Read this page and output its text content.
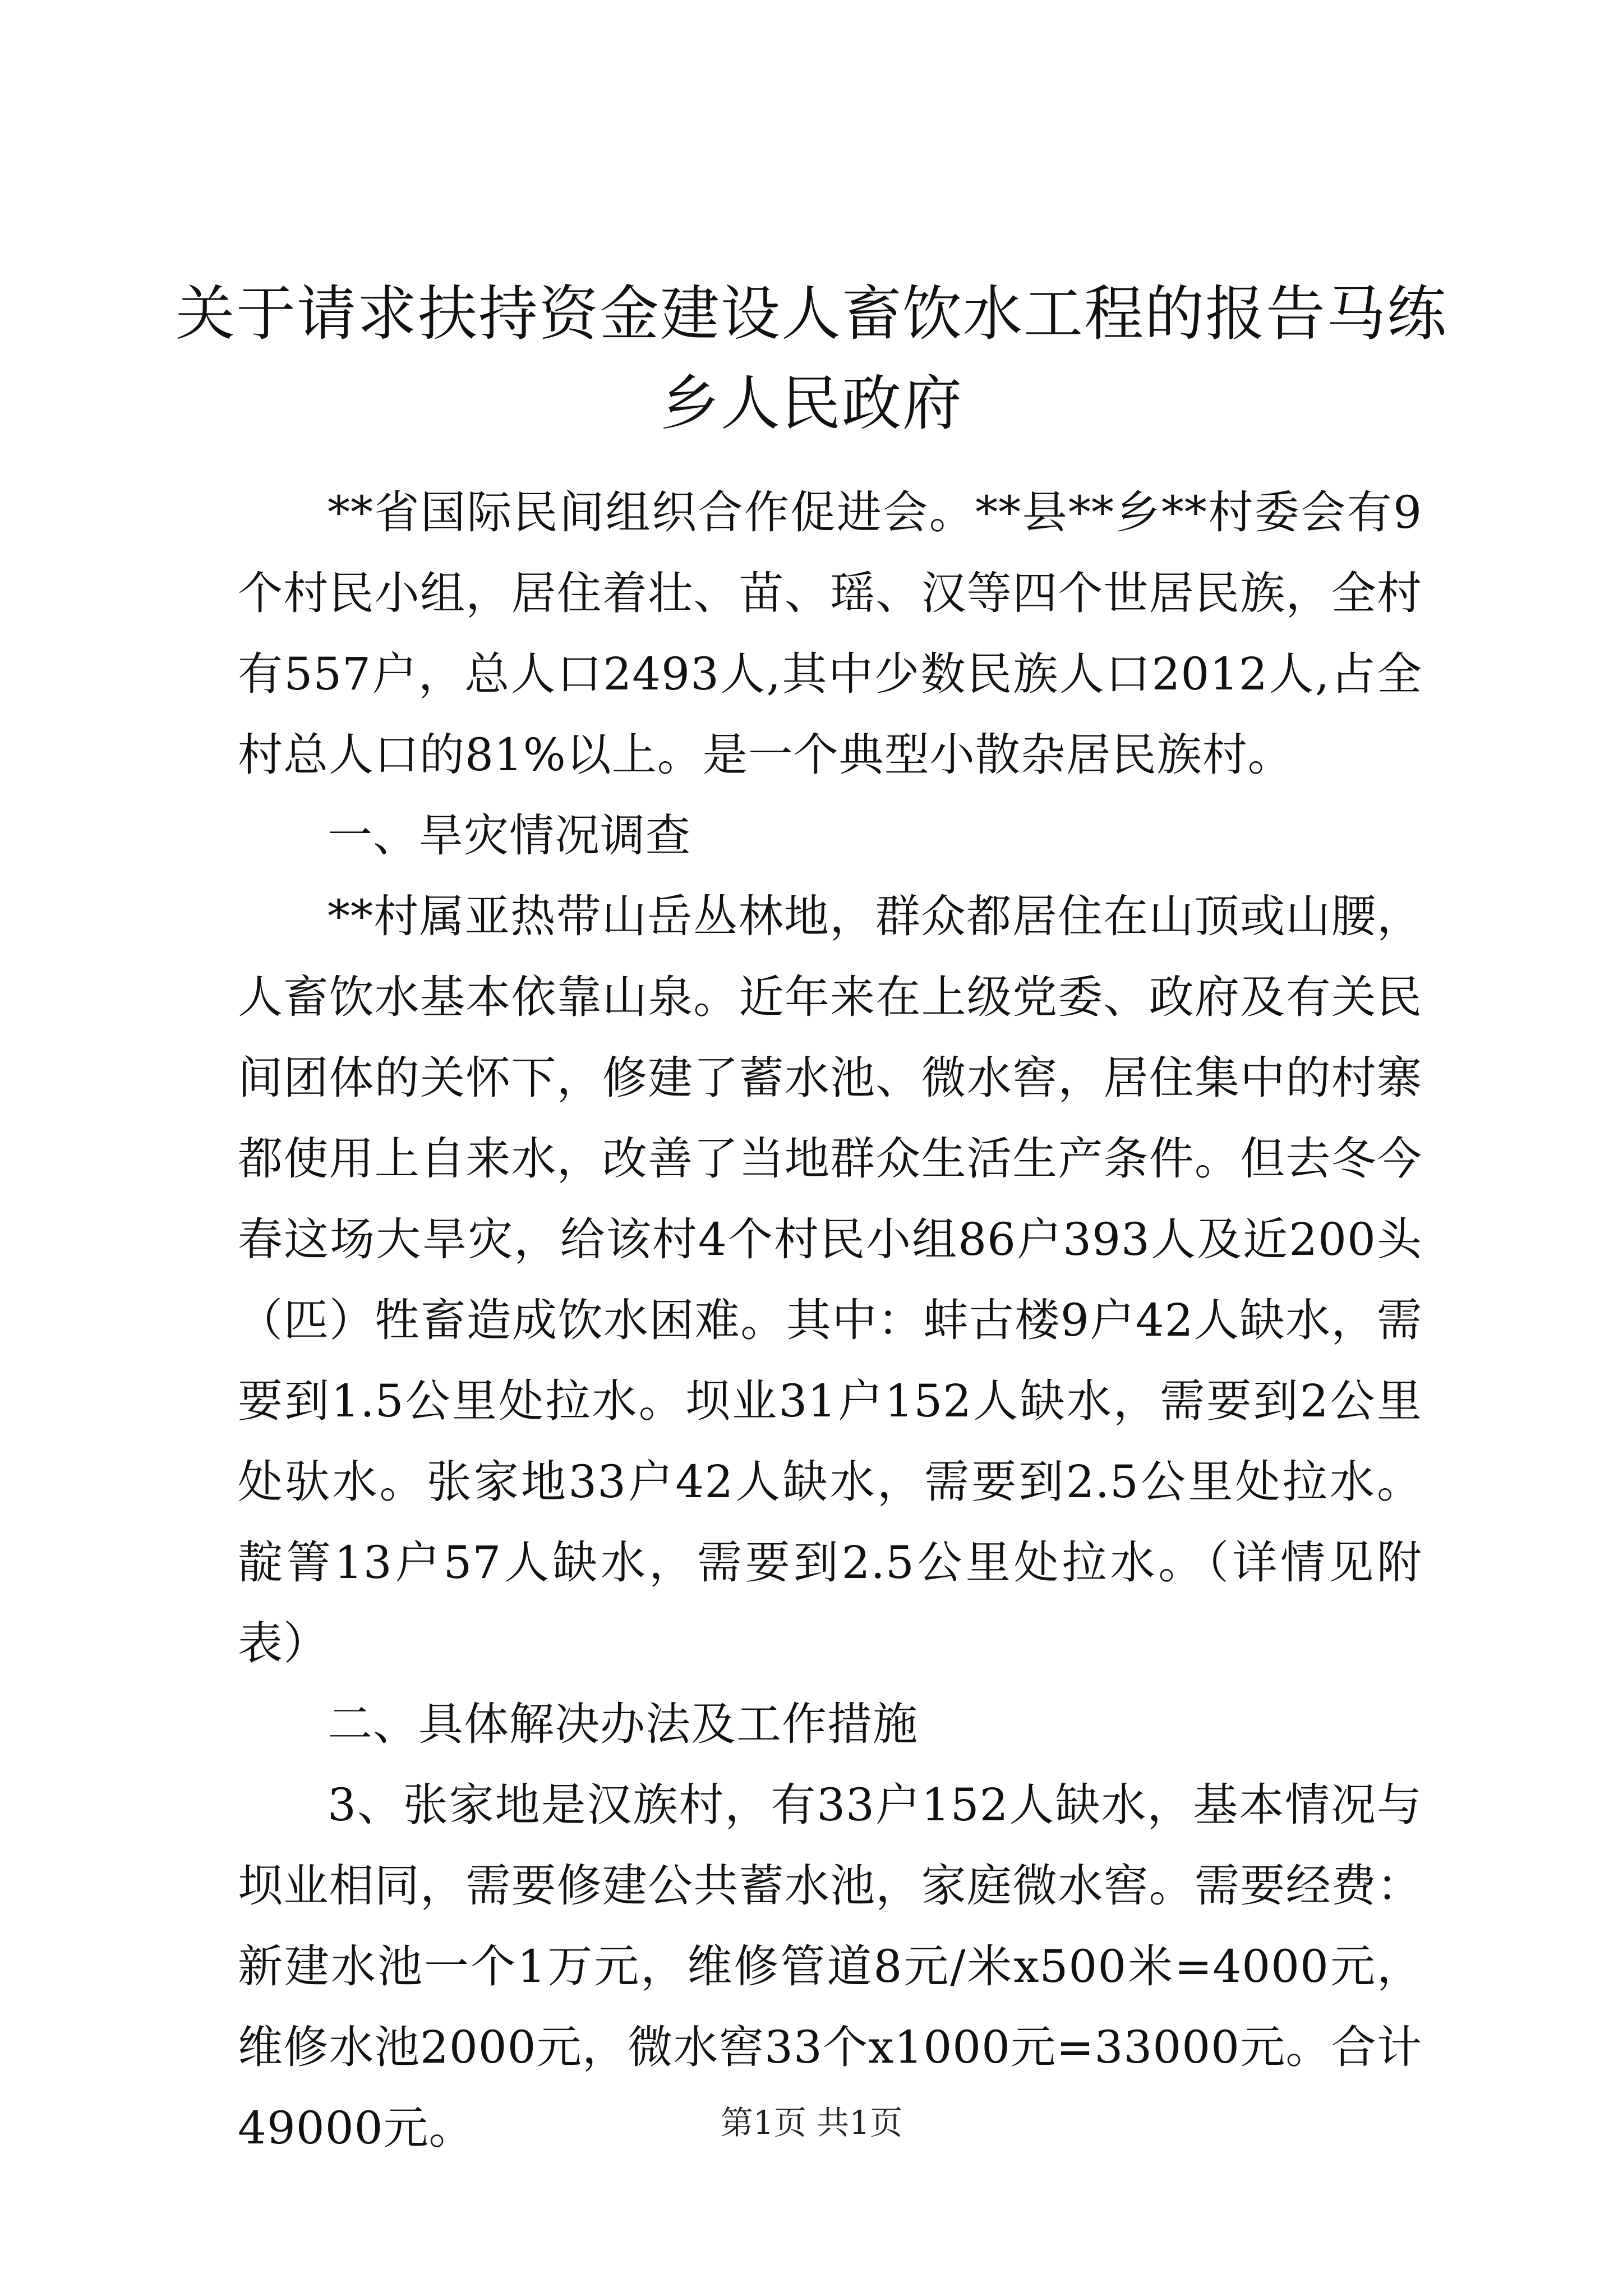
关于请求扶持资金建设人畜饮水工程的报告马练乡人民政府

**省国际民间组织合作促进会。**县**乡**村委会有9个村民小组，居住着壮、苗、瑶、汉等四个世居民族，全村有557户，总人口2493人,其中少数民族人口2012人,占全村总人口的81%以上。是一个典型小散杂居民族村。

一、旱灾情况调查

**村属亚热带山岳丛林地，群众都居住在山顶或山腰，人畜饮水基本依靠山泉。近年来在上级党委、政府及有关民间团体的关怀下，修建了蓄水池、微水窖，居住集中的村寨都使用上自来水，改善了当地群众生活生产条件。但去冬今春这场大旱灾，给该村4个村民小组86户393人及近200头（匹）牲畜造成饮水困难。其中：蚌古楼9户42人缺水，需要到1.5公里处拉水。坝业31户152人缺水，需要到2公里处驮水。张家地33户42人缺水，需要到2.5公里处拉水。靛箐13户57人缺水，需要到2.5公里处拉水。（详情见附表）

二、具体解决办法及工作措施

3、张家地是汉族村，有33户152人缺水，基本情况与坝业相同，需要修建公共蓄水池，家庭微水窖。需要经费：新建水池一个1万元，维修管道8元/米x500米=4000元，维修水池2000元，微水窖33个x1000元=33000元。合计49000元。	第1页 共1页
